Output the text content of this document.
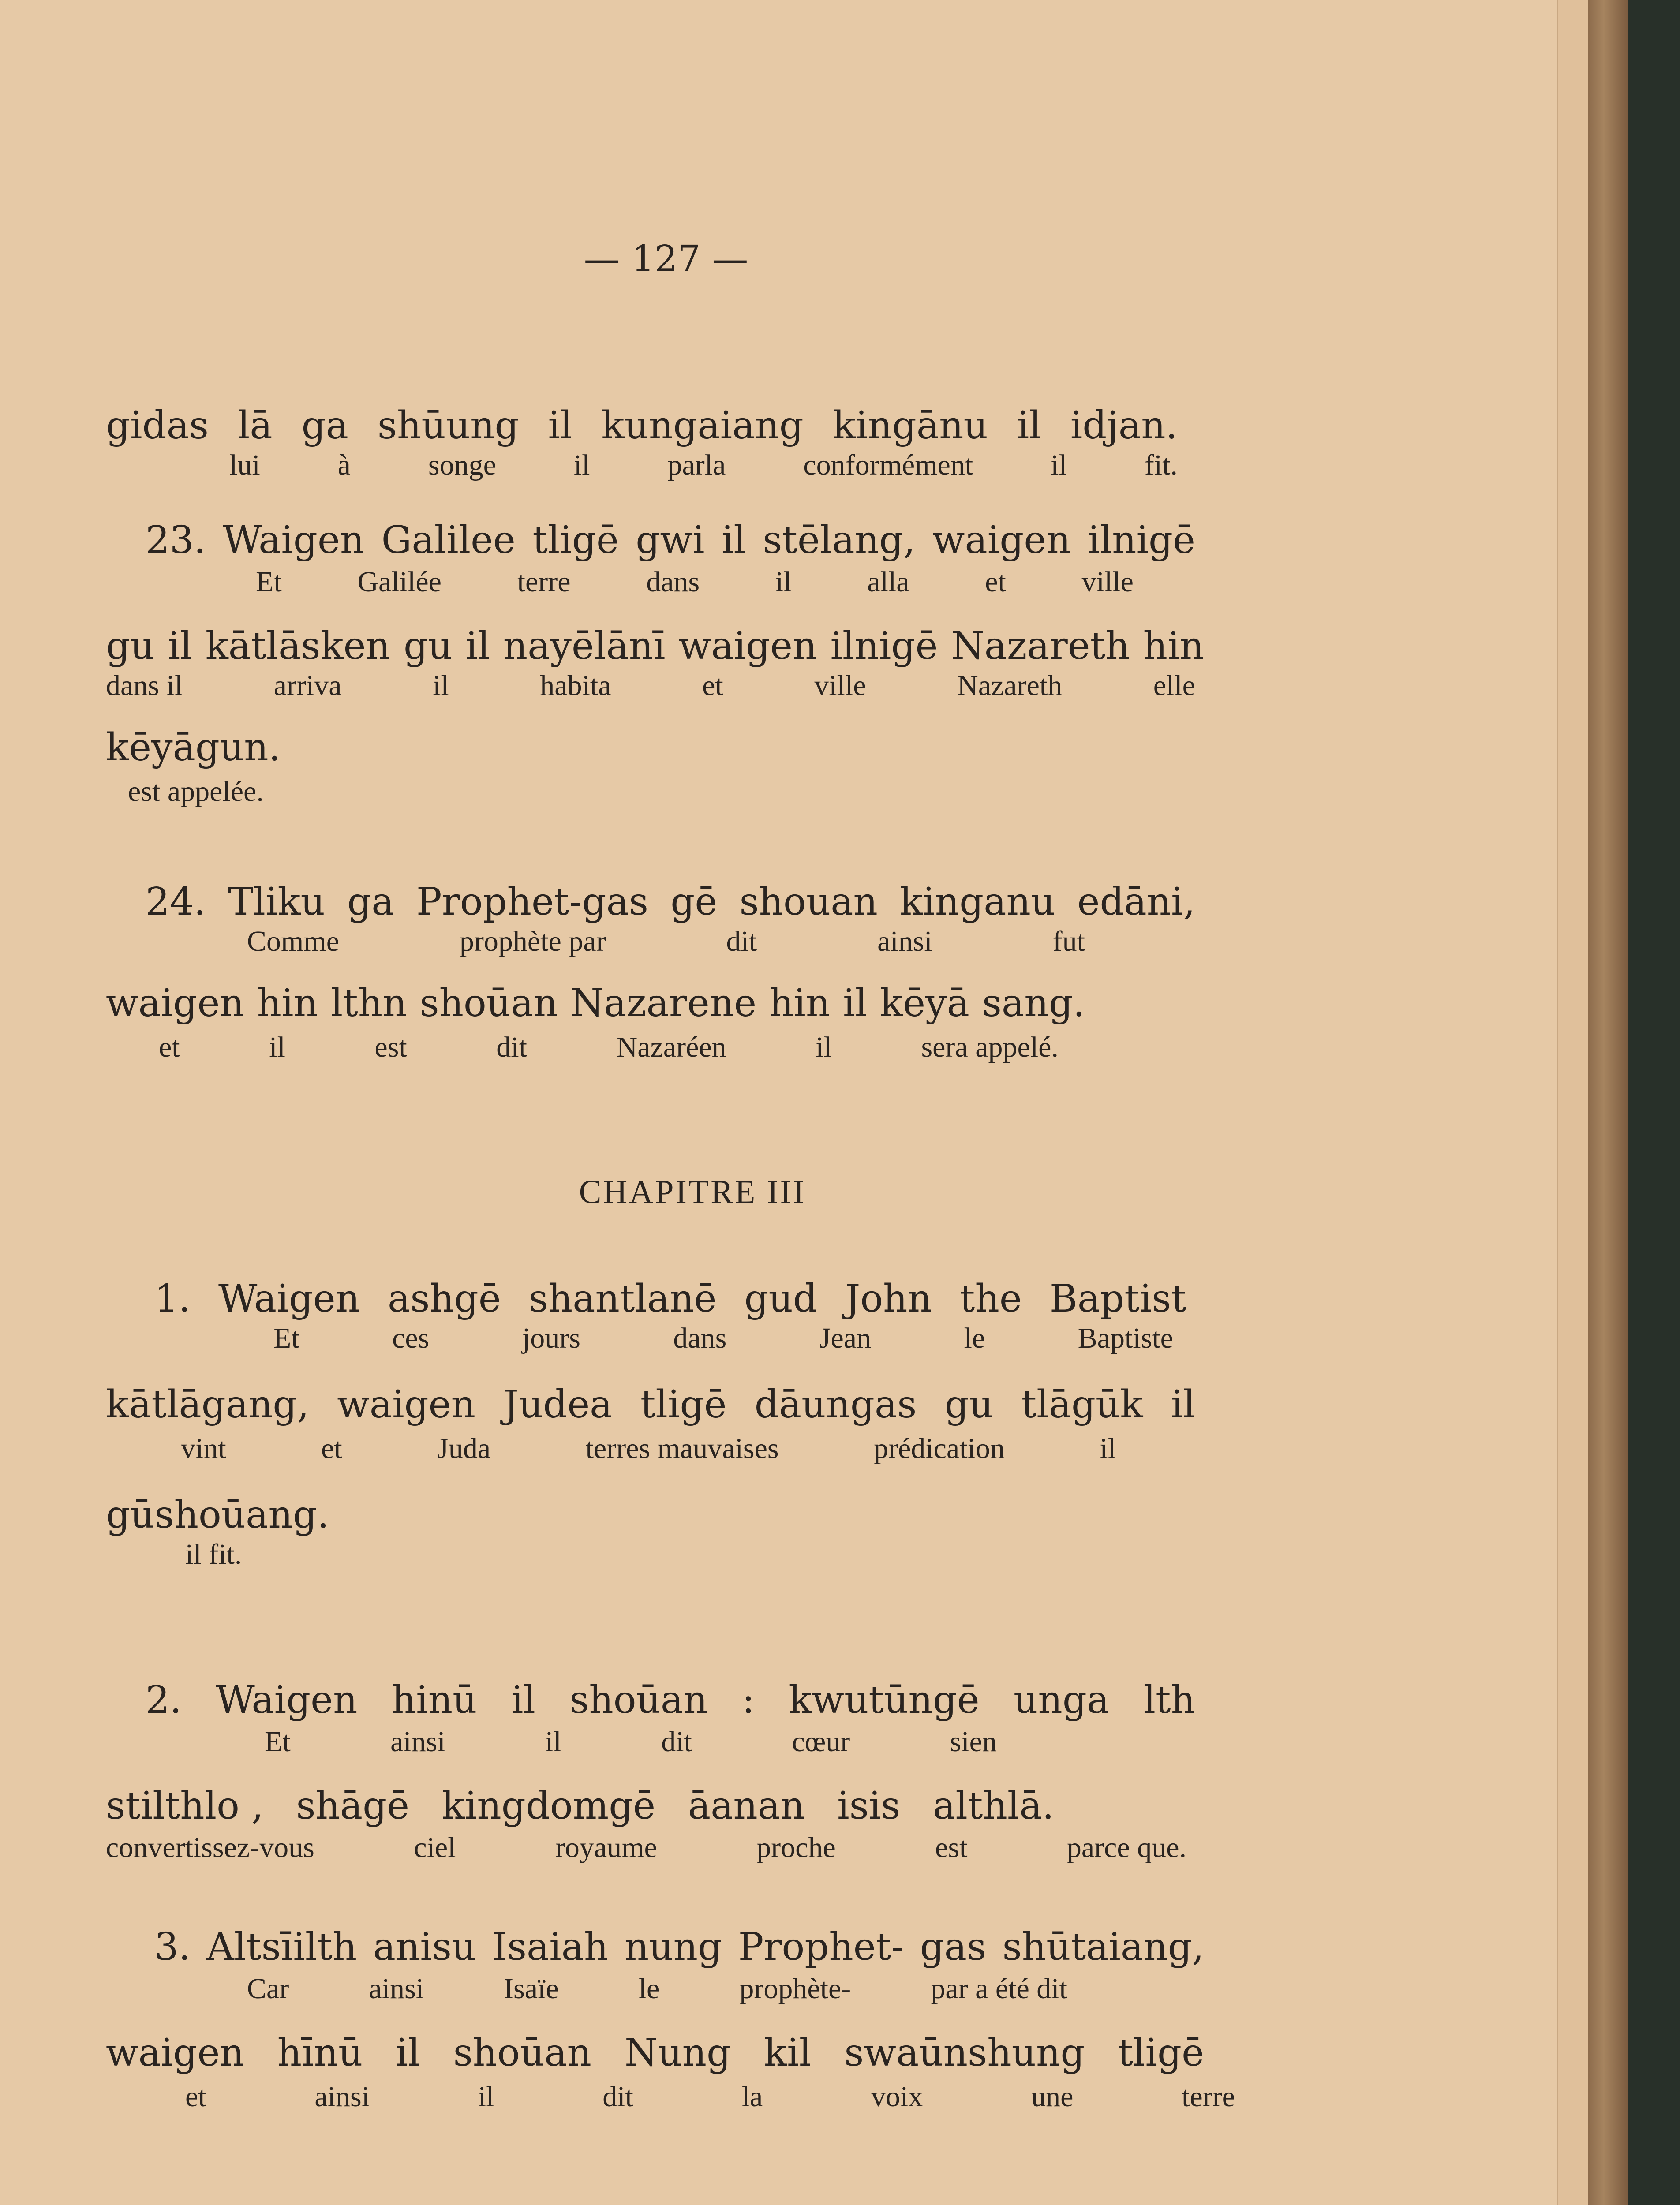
— 127 —
CHAPITRE III
gidas lā ga shūung il kungaiang kingānu il idjan.
lui	à	songe	il	parla	conformément	il	fit.
23. Waigen Galilee tligē gwi il stēlang, waigen ilnigē
Et	Galilée	terre	dans	il	alla	et	ville
gu il kātlāsken gu il nayēlānī waigen ilnigē Nazareth hin
dans il	arriva	il	habita	et	ville	Nazareth	elle
kēyāgun.
est appelée.
24. Tliku ga Prophet-gas gē shouan kinganu edāni,
Comme	prophète par	dit	ainsi	fut
waigen hin lthn shoūan Nazarene hin il kēyā sang.
et	il	est	dit	Nazaréen	il	sera appelé.
1. Waigen ashgē shantlanē gud John the Baptist
Et	ces	jours	dans	Jean	le	Baptiste
kātlāgang, waigen Judea tligē dāungas gu tlāgūk il
vint	et	Juda	terres mauvaises	prédication	il
gūshoūang.
il fit.
2. Waigen hinū il shoūan : kwutūngē unga lth
Et	ainsi	il	dit	cœur	sien
stilthlo , shāgē kingdomgē āanan isis althlā.
convertissez-vous	ciel	royaume	proche	est	parce que.
3. Altsīilth anisu Isaiah nung Prophet- gas shūtaiang,
Car	ainsi	Isaïe	le	prophète-	par a été dit
waigen hīnū il shoūan Nung kil swaūnshung tligē
et	ainsi	il	dit	la	voix	une	terre
